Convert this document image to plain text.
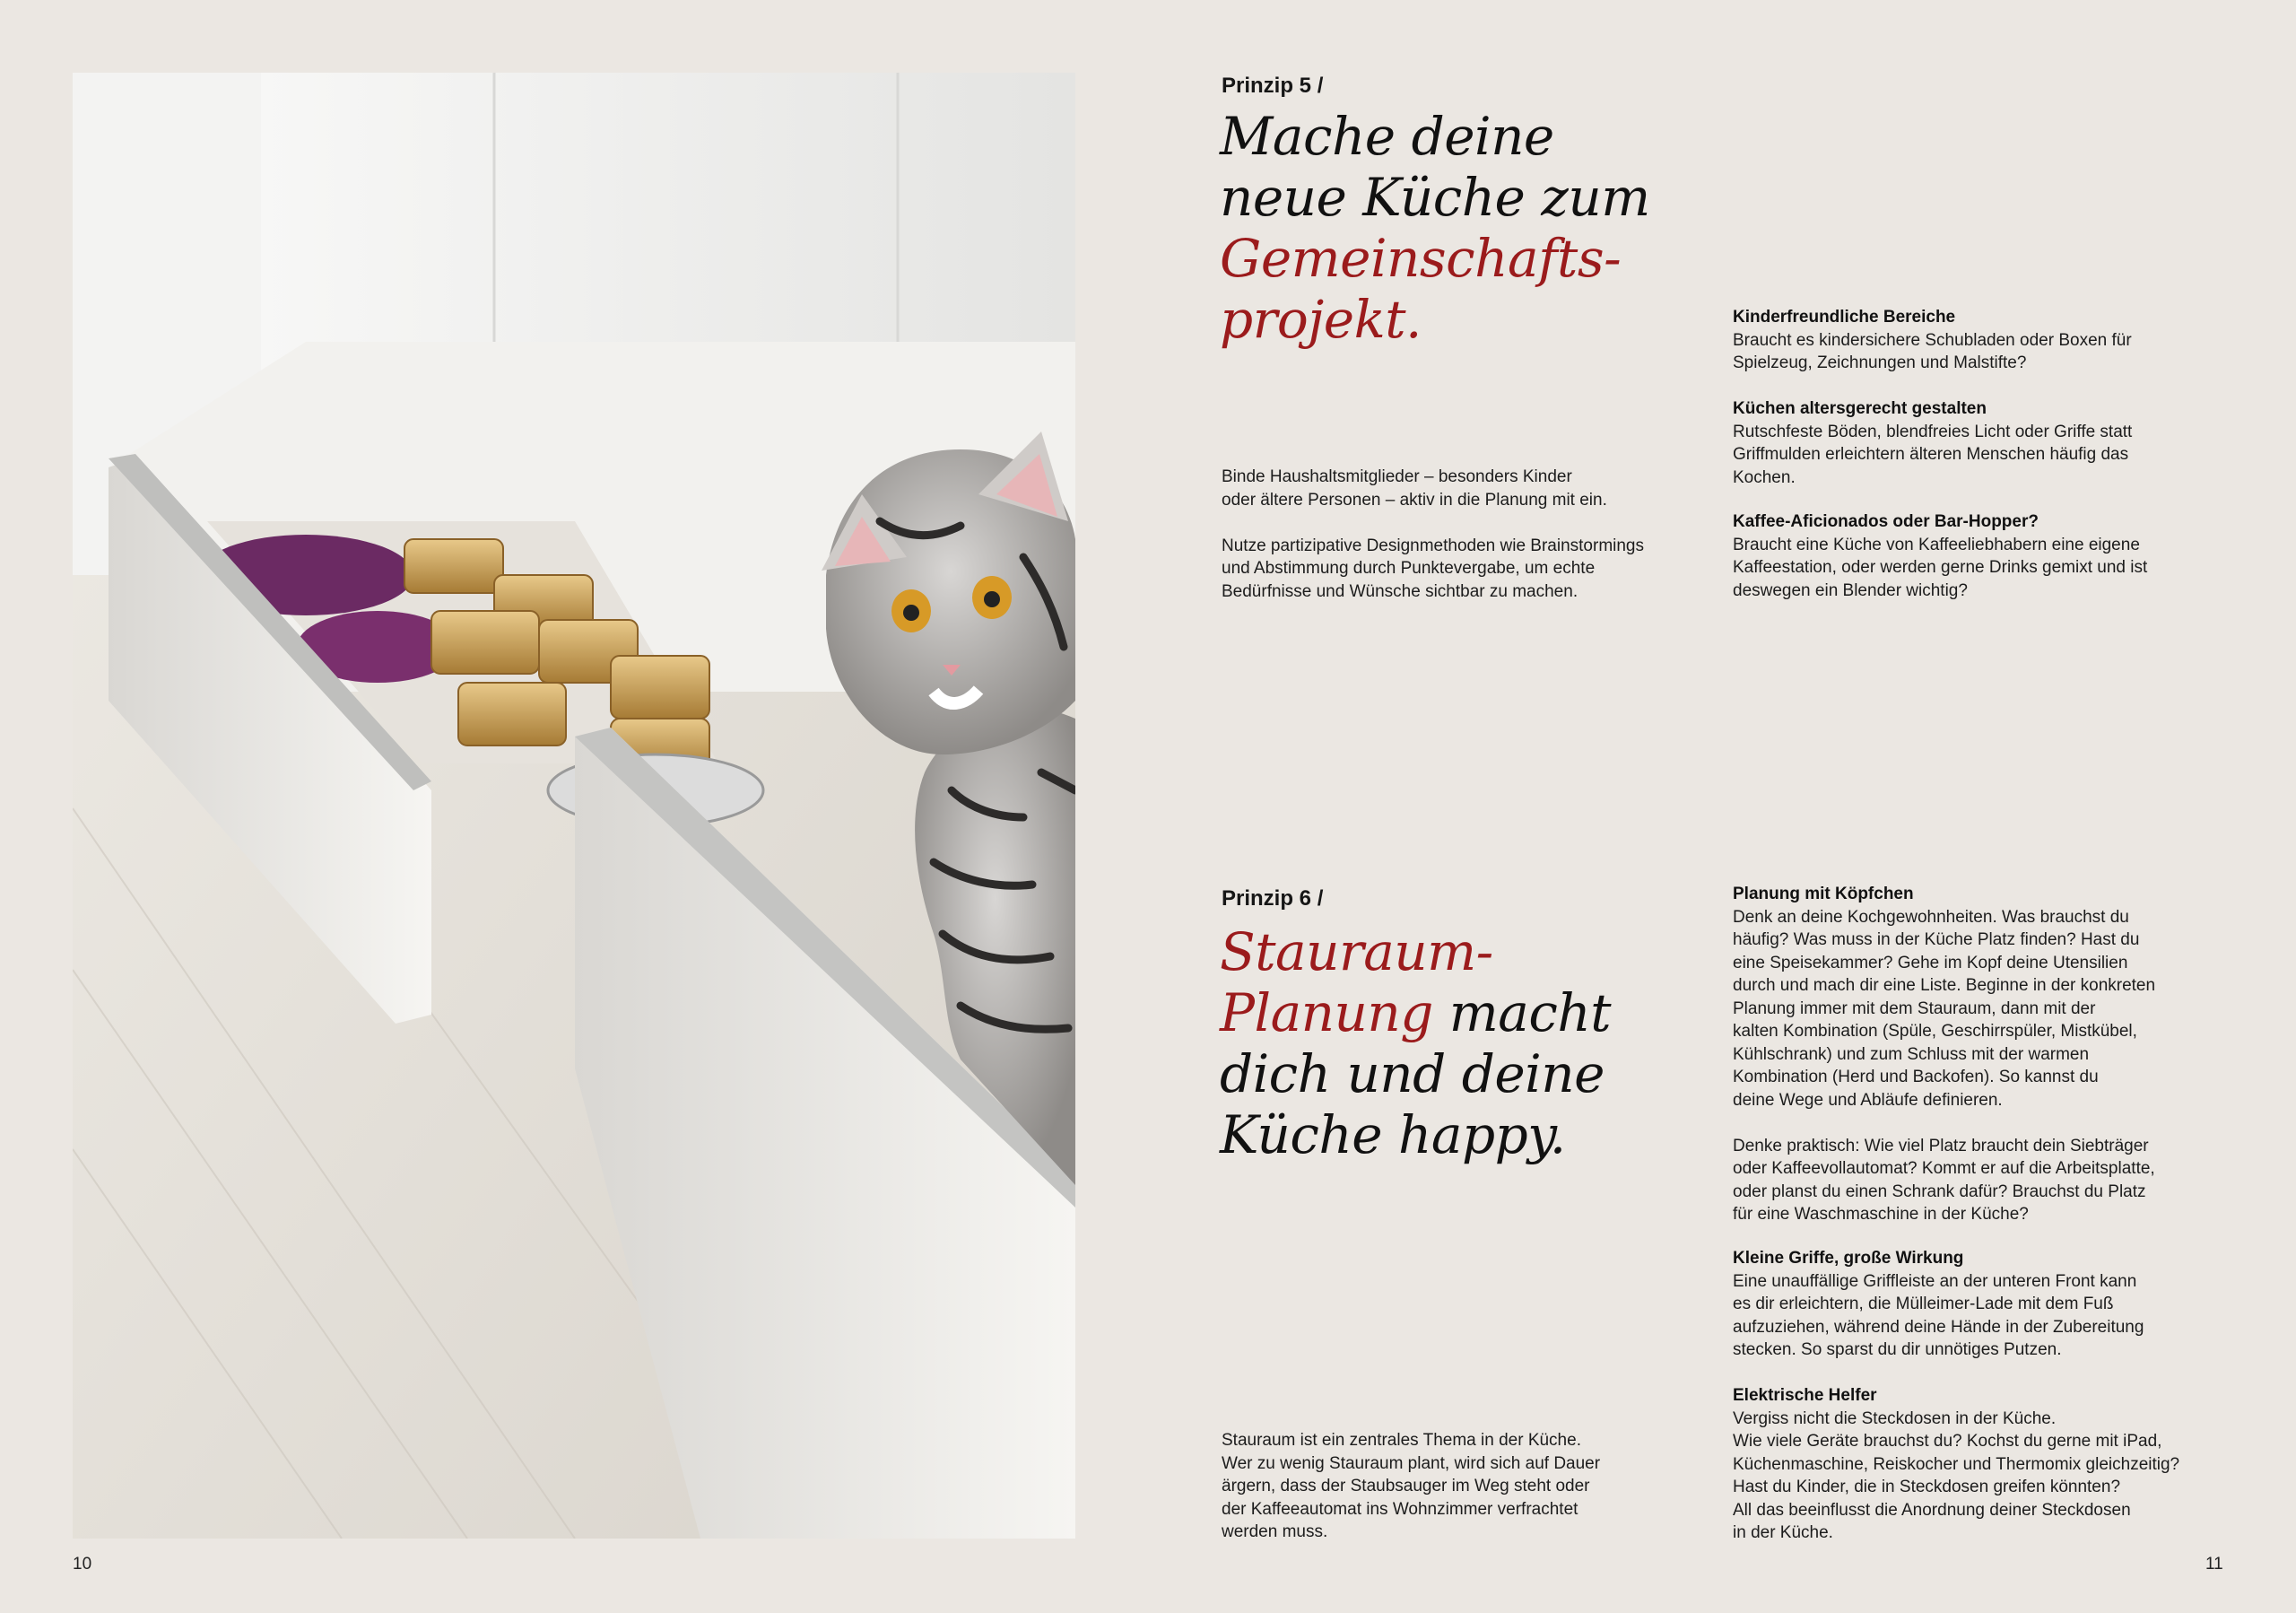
10	11
Prinzip 5 /
Mache deine
neue Küche zum
Gemeinschafts-
projekt.

Binde Haushaltsmitglieder – besonders Kinder
oder ältere Personen – aktiv in die Planung mit ein.

Nutze partizipative Designmethoden wie Brainstormings
und Abstimmung durch Punktevergabe, um echte
Bedürfnisse und Wünsche sichtbar zu machen.

Kinderfreundliche Bereiche

Braucht es kindersichere Schubladen oder Boxen für
Spielzeug, Zeichnungen und Malstifte?

Küchen altersgerecht gestalten

Rutschfeste Böden, blendfreies Licht oder Griffe statt
Griffmulden erleichtern älteren Menschen häufig das
Kochen.

Kaffee-Aficionados oder Bar-Hopper?

Braucht eine Küche von Kaffeeliebhabern eine eigene
Kaffeestation, oder werden gerne Drinks gemixt und ist
deswegen ein Blender wichtig?

Prinzip 6 /
Stauraum-
Planung macht
dich und deine
Küche happy.

Stauraum ist ein zentrales Thema in der Küche.
Wer zu wenig Stauraum plant, wird sich auf Dauer
ärgern, dass der Staubsauger im Weg steht oder
der Kaffeeautomat ins Wohnzimmer verfrachtet
werden muss.

Planung mit Köpfchen

Denk an deine Kochgewohnheiten. Was brauchst du
häufig? Was muss in der Küche Platz finden? Hast du
eine Speisekammer? Gehe im Kopf deine Utensilien
durch und mach dir eine Liste. Beginne in der konkreten
Planung immer mit dem Stauraum, dann mit der
kalten Kombination (Spüle, Geschirrspüler, Mistkübel,
Kühlschrank) und zum Schluss mit der warmen
Kombination (Herd und Backofen). So kannst du
deine Wege und Abläufe definieren.

Denke praktisch: Wie viel Platz braucht dein Siebträger
oder Kaffeevollautomat? Kommt er auf die Arbeitsplatte,
oder planst du einen Schrank dafür? Brauchst du Platz
für eine Waschmaschine in der Küche?

Kleine Griffe, große Wirkung

Eine unauffällige Griffleiste an der unteren Front kann
es dir erleichtern, die Mülleimer-Lade mit dem Fuß
aufzuziehen, während deine Hände in der Zubereitung
stecken. So sparst du dir unnötiges Putzen.

Elektrische Helfer

Vergiss nicht die Steckdosen in der Küche.
Wie viele Geräte brauchst du? Kochst du gerne mit iPad,
Küchenmaschine, Reiskocher und Thermomix gleichzeitig?
Hast du Kinder, die in Steckdosen greifen könnten?
All das beeinflusst die Anordnung deiner Steckdosen
in der Küche.
